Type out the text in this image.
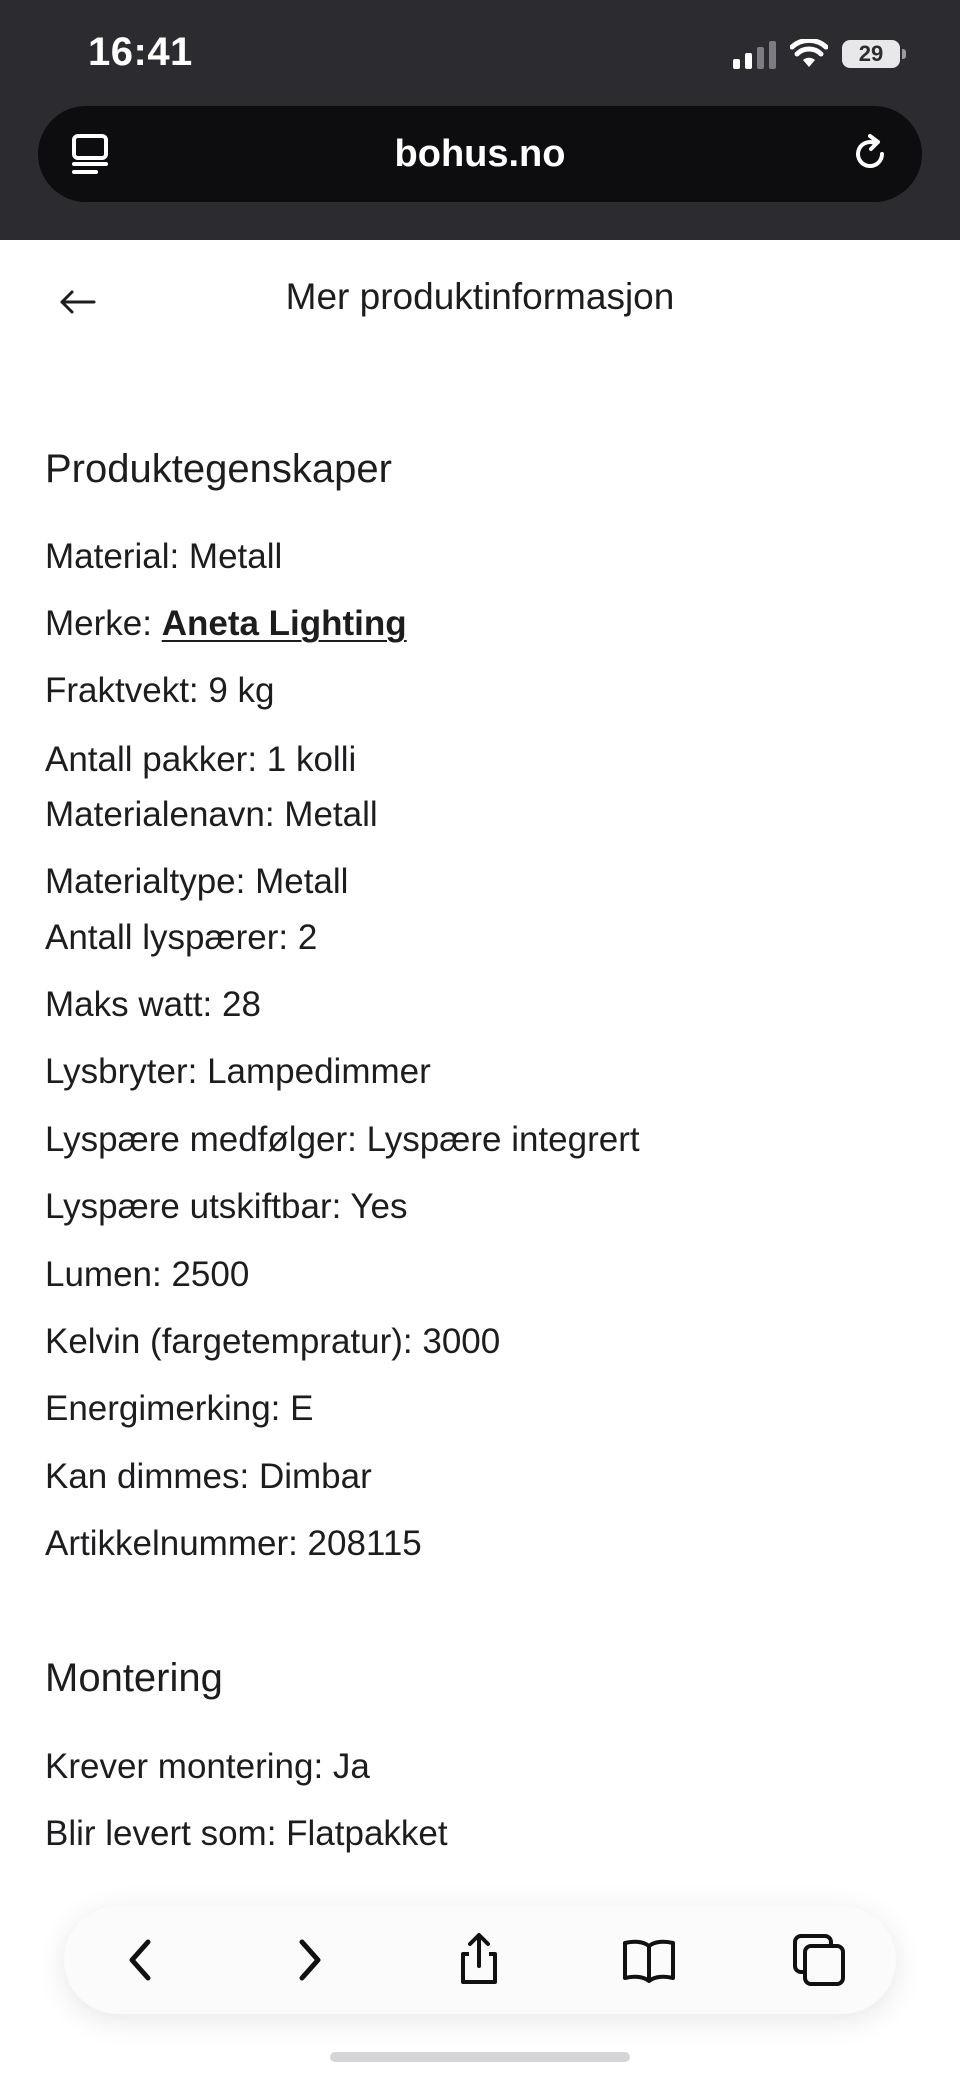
16:41	29
bohus.no
Mer produktinformasjon
Produktegenskaper
Material: Metall
Merke: Aneta Lighting
Fraktvekt: 9 kg
Antall pakker: 1 kolli
Materialenavn: Metall
Materialtype: Metall
Antall lyspærer: 2
Maks watt: 28
Lysbryter: Lampedimmer
Lyspære medfølger: Lyspære integrert
Lyspære utskiftbar: Yes
Lumen: 2500
Kelvin (fargetempratur): 3000
Energimerking: E
Kan dimmes: Dimbar
Artikkelnummer: 208115
Montering
Krever montering: Ja
Blir levert som: Flatpakket
